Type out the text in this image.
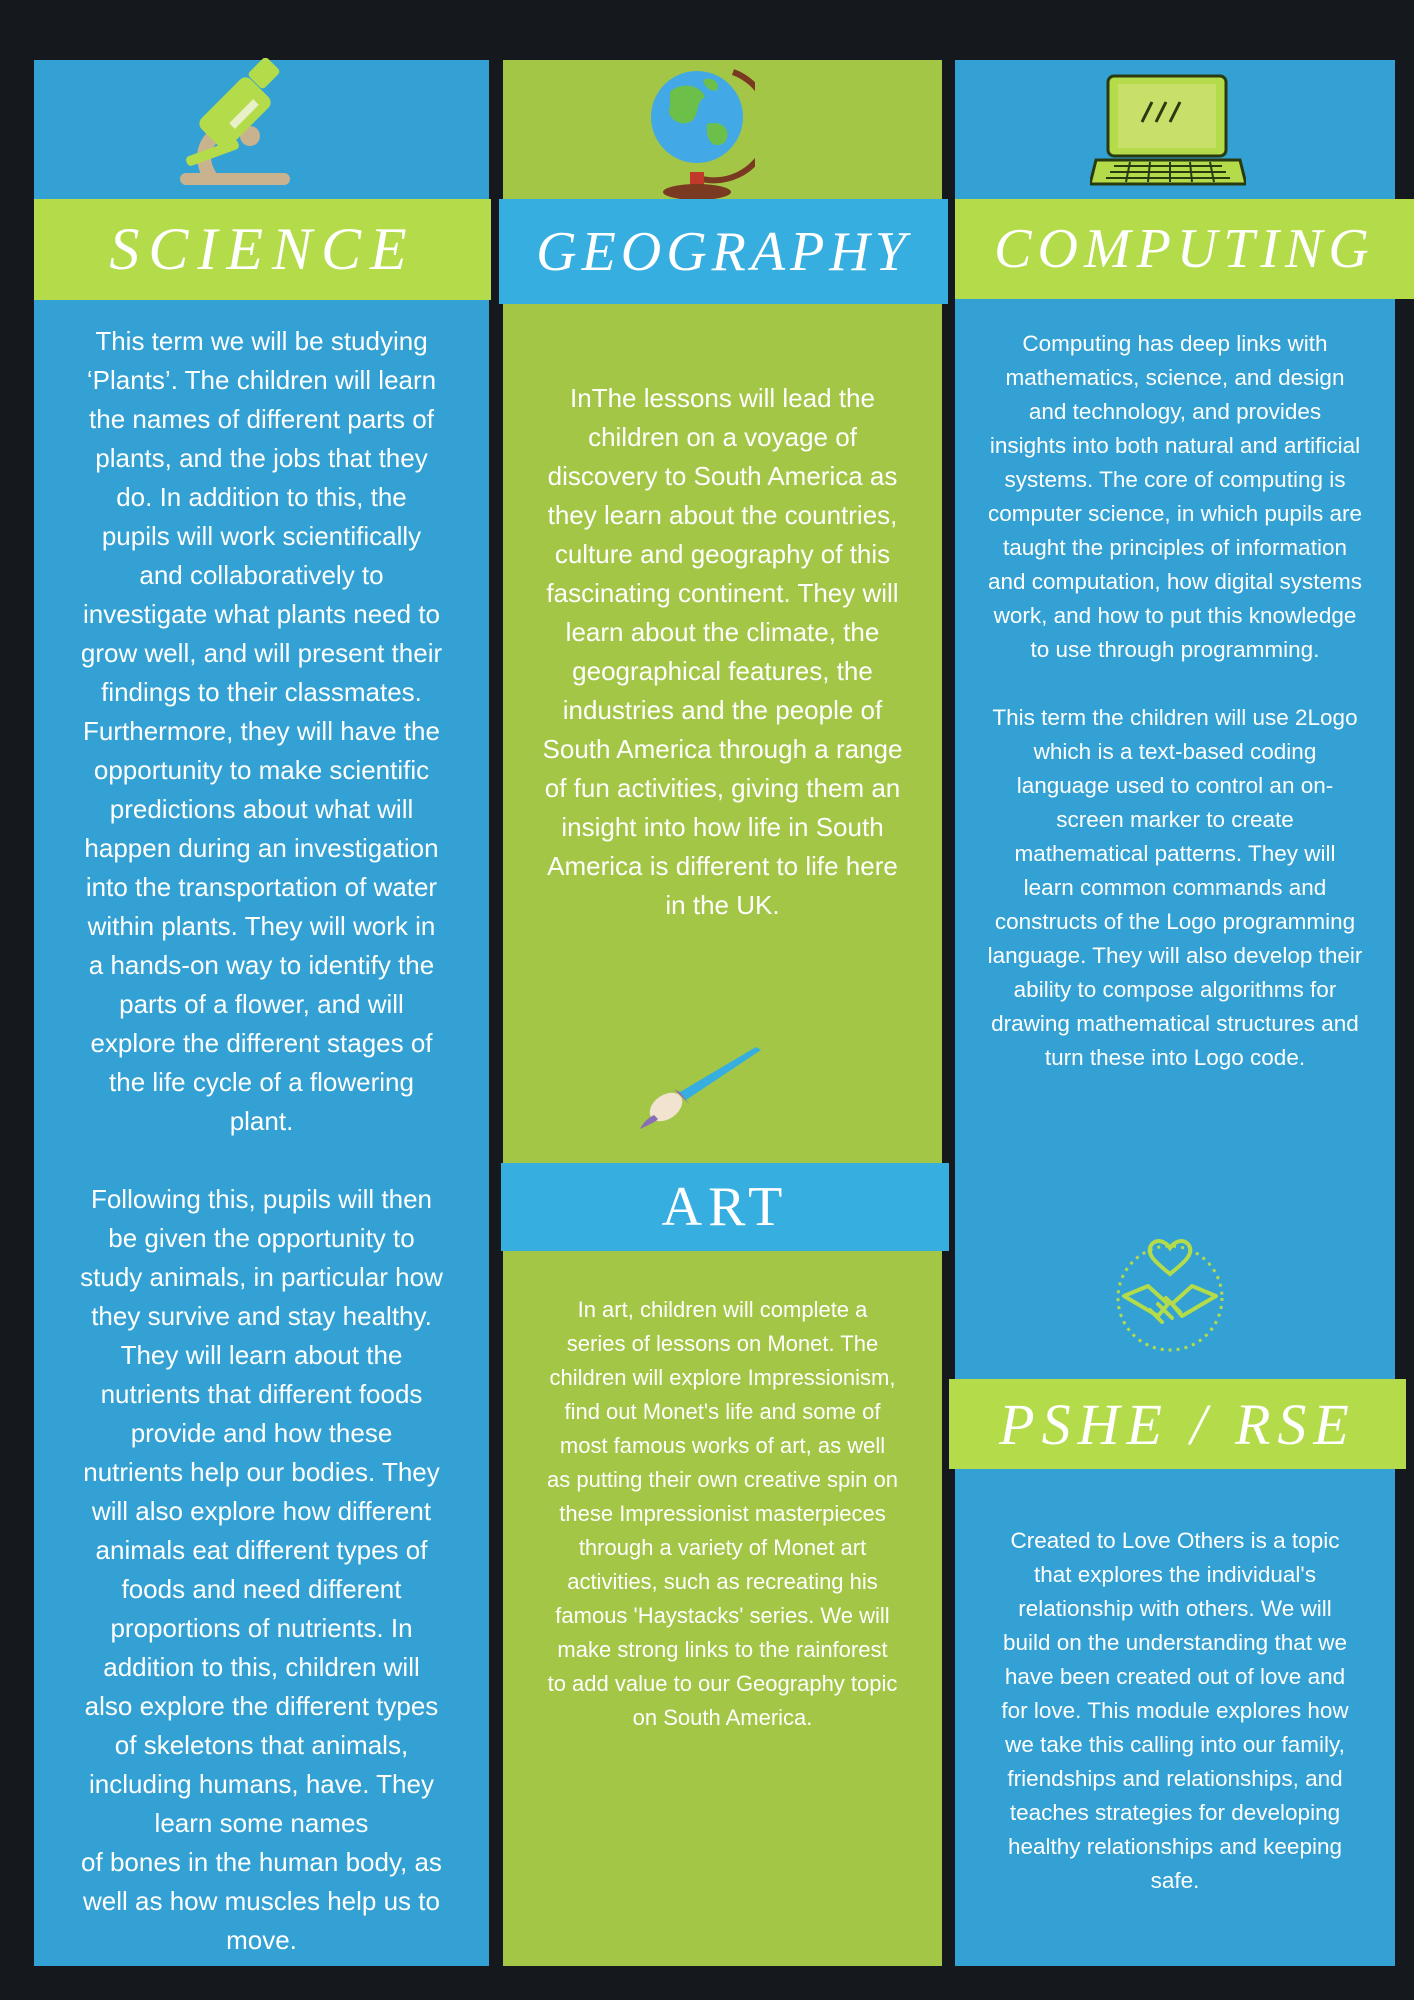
SCIENCE

This term we will be studying
‘Plants’. The children will learn
the names of different parts of
plants, and the jobs that they
do. In addition to this, the
pupils will work scientifically
and collaboratively to
investigate what plants need to
grow well, and will present their
findings to their classmates.
Furthermore, they will have the
opportunity to make scientific
predictions about what will
happen during an investigation
into the transportation of water
within plants. They will work in
a hands-on way to identify the
parts of a flower, and will
explore the different stages of
the life cycle of a flowering
plant.

Following this, pupils will then
be given the opportunity to
study animals, in particular how
they survive and stay healthy.
They will learn about the
nutrients that different foods
provide and how these
nutrients help our bodies. They
will also explore how different
animals eat different types of
foods and need different
proportions of nutrients. In
addition to this, children will
also explore the different types
of skeletons that animals,
including humans, have. They
learn some names
of bones in the human body, as
well as how muscles help us to
move.

GEOGRAPHY

InThe lessons will lead the
children on a voyage of
discovery to South America as
they learn about the countries,
culture and geography of this
fascinating continent. They will
learn about the climate, the
geographical features, the
industries and the people of
South America through a range
of fun activities, giving them an
insight into how life in South
America is different to life here
in the UK.

ART

In art, children will complete a
series of lessons on Monet. The
children will explore Impressionism,
find out Monet's life and some of
most famous works of art, as well
as putting their own creative spin on
these Impressionist masterpieces
through a variety of Monet art
activities, such as recreating his
famous 'Haystacks' series. We will
make strong links to the rainforest
to add value to our Geography topic
on South America.

COMPUTING

Computing has deep links with
mathematics, science, and design
and technology, and provides
insights into both natural and artificial
systems. The core of computing is
computer science, in which pupils are
taught the principles of information
and computation, how digital systems
work, and how to put this knowledge
to use through programming.

This term the children will use 2Logo
which is a text-based coding
language used to control an on-
screen marker to create
mathematical patterns. They will
learn common commands and
constructs of the Logo programming
language. They will also develop their
ability to compose algorithms for
drawing mathematical structures and
turn these into Logo code.

PSHE / RSE

Created to Love Others is a topic
that explores the individual's
relationship with others. We will
build on the understanding that we
have been created out of love and
for love. This module explores how
we take this calling into our family,
friendships and relationships, and
teaches strategies for developing
healthy relationships and keeping
safe.
